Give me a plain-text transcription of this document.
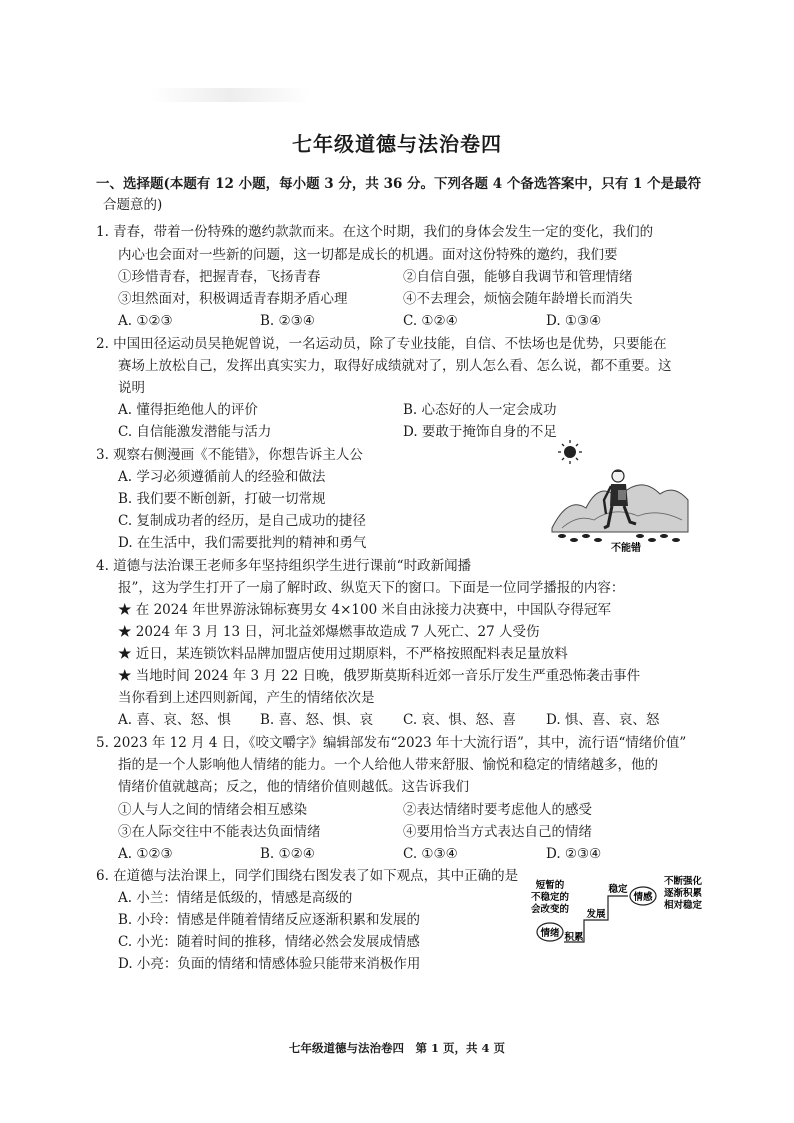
七年级道德与法治卷四
一、选择题(本题有 12 小题，每小题 3 分，共 36 分。下列各题 4 个备选答案中，只有 1 个是最符
合题意的)
1. 青春，带着一份特殊的邀约款款而来。在这个时期，我们的身体会发生一定的变化，我们的
内心也会面对一些新的问题，这一切都是成长的机遇。面对这份特殊的邀约，我们要
①珍惜青春，把握青春，飞扬青春	②自信自强，能够自我调节和管理情绪
③坦然面对，积极调适青春期矛盾心理	④不去理会，烦恼会随年龄增长而消失
A. ①②③	B. ②③④	C. ①②④	D. ①③④
2. 中国田径运动员吴艳妮曾说，一名运动员，除了专业技能，自信、不怯场也是优势，只要能在
赛场上放松自己，发挥出真实实力，取得好成绩就对了，别人怎么看、怎么说，都不重要。这
说明
A. 懂得拒绝他人的评价	B. 心态好的人一定会成功
C. 自信能激发潜能与活力	D. 要敢于掩饰自身的不足
3. 观察右侧漫画《不能错》，你想告诉主人公
A. 学习必须遵循前人的经验和做法
B. 我们要不断创新，打破一切常规
C. 复制成功者的经历，是自己成功的捷径
D. 在生活中，我们需要批判的精神和勇气	不能错
4. 道德与法治课王老师多年坚持组织学生进行课前“时政新闻播
报”，这为学生打开了一扇了解时政、纵览天下的窗口。下面是一位同学播报的内容：
★ 在 2024 年世界游泳锦标赛男女 4×100 米自由泳接力决赛中，中国队夺得冠军
★ 2024 年 3 月 13 日，河北益郊爆燃事故造成 7 人死亡、27 人受伤
★ 近日，某连锁饮料品牌加盟店使用过期原料，不严格按照配料表足量放料
★ 当地时间 2024 年 3 月 22 日晚，俄罗斯莫斯科近郊一音乐厅发生严重恐怖袭击事件
当你看到上述四则新闻，产生的情绪依次是
A. 喜、哀、怒、惧 B. 喜、怒、惧、哀 C. 哀、惧、怒、喜 D. 惧、喜、哀、怒
5. 2023 年 12 月 4 日，《咬文嚼字》编辑部发布“2023 年十大流行语”，其中，流行语“情绪价值”
指的是一个人影响他人情绪的能力。一个人给他人带来舒服、愉悦和稳定的情绪越多，他的
情绪价值就越高；反之，他的情绪价值则越低。这告诉我们
①人与人之间的情绪会相互感染	②表达情绪时要考虑他人的感受
③在人际交往中不能表达负面情绪	④要用恰当方式表达自己的情绪
A. ①②③	B. ①②④	C. ①③④	D. ②③④
6. 在道德与法治课上，同学们围绕右图发表了如下观点，其中正确的是
A. 小兰：情绪是低级的，情感是高级的
B. 小玲：情感是伴随着情绪反应逐渐积累和发展的
C. 小光：随着时间的推移，情绪必然会发展成情感
D. 小亮：负面的情绪和情感体验只能带来消极作用
短暂的
不稳定的
会改变的
情绪 积累
发展
稳定
情感
不断强化
逐渐积累
相对稳定
七年级道德与法治卷四　第 1 页，共 4 页
